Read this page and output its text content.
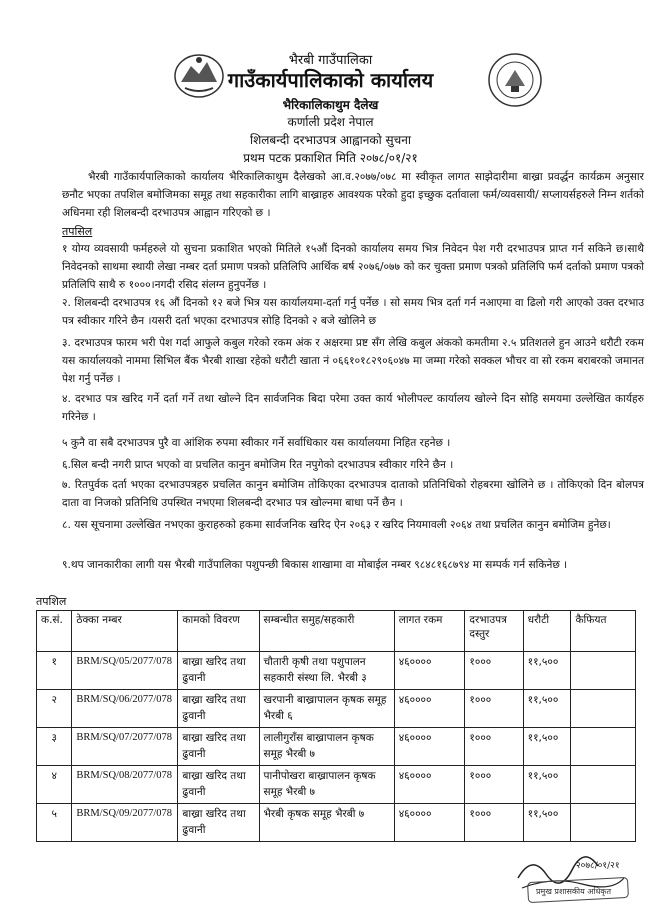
भैरबी गाउँपालिका
गाउँकार्यपालिकाको कार्यालय
भैरिकालिकाथुम दैलेख
कर्णाली प्रदेश नेपाल
शिलबन्दी दरभाउपत्र आह्वानको सुचना
प्रथम पटक प्रकाशित मिति २०७८/०१/२१

भैरबी गाउँकार्यपालिकाको कार्यालय भैरिकालिकाथुम दैलेखको आ.व.२०७७/०७८ मा स्वीकृत लागत साझेदारीमा बाख्रा प्रवर्द्धन कार्यक्रम अनुसार छनौट भएका तपशिल बमोजिमका समूह तथा सहकारीका लागि बाख्राहरु आवश्यक परेको हुदा इच्छुक दर्तावाला फर्म/व्यवसायी/ सप्लायर्सहरुले निम्न शर्तको अधिनमा रही शिलबन्दी दरभाउपत्र आह्वान गरिएको छ ।

तपसिल

१ योग्य व्यवसायी फर्महरुले यो सुचना प्रकाशित भएको मितिले १५औं दिनको कार्यालय समय भित्र निवेदन पेश गरी दरभाउपत्र प्राप्त गर्न सकिने छ।साथै निवेदनको साथमा स्थायी लेखा नम्बर दर्ता प्रमाण पत्रको प्रतिलिपि आर्थिक बर्ष २०७६/०७७ को कर चुक्ता प्रमाण पत्रको प्रतिलिपि फर्म दर्ताको प्रमाण पत्रको प्रतिलिपि साथै रु १०००।नगदी रसिद संलग्न हुनुपर्नेछ ।

२. शिलबन्दी दरभाउपत्र १६ औं दिनको १२ बजे भित्र यस कार्यालयमा-दर्ता गर्नु पर्नेछ । सो समय भित्र दर्ता गर्न नआएमा वा ढिलो गरी आएको उक्त दरभाउ पत्र स्वीकार गरिने छैन ।यसरी दर्ता भएका दरभाउपत्र सोहि दिनको २ बजे खोलिने छ

३. दरभाउपत्र फारम भरी पेश गर्दा आफुले कबुल गरेको रकम अंक र अक्षरमा प्रष्ट सँग लेखि कबुल अंकको कमतीमा २.५ प्रतिशतले हुन आउने धरौटी रकम यस कार्यालयको नाममा सिभिल बैंक भैरबी शाखा रहेको धरौटी खाता नं ०६६१०१८२९०६०४७ मा जम्मा गरेको सक्कल भौचर वा सो रकम बराबरको जमानत पेश गर्नु पर्नेछ ।

४. दरभाउ पत्र खरिद गर्ने दर्ता गर्ने तथा खोल्ने दिन सार्वजनिक बिदा परेमा उक्त कार्य भोलीपल्ट कार्यालय खोल्ने दिन सोहि समयमा उल्लेखित कार्यहरु गरिनेछ ।

५ कुनै वा सबै दरभाउपत्र पुरै वा आंशिक रुपमा स्वीकार गर्ने सर्वाधिकार यस कार्यालयमा निहित रहनेछ ।

६.सिल बन्दी नगरी प्राप्त भएको वा प्रचलित कानुन बमोजिम रित नपुगेको दरभाउपत्र स्वीकार गरिने छैन ।

७. रितपुर्वक दर्ता भएका दरभाउपत्रहरु प्रचलित कानुन बमोजिम तोकिएका दरभाउपत्र दाताको प्रतिनिधिको रोहबरमा खोलिने छ । तोकिएको दिन बोलपत्र दाता वा निजको प्रतिनिधि उपस्थित नभएमा शिलबन्दी दरभाउ पत्र खोल्नमा बाधा पर्ने छैन ।

८. यस सूचनामा उल्लेखित नभएका कुराहरुको हकमा सार्वजनिक खरिद ऐन २०६३ र खरिद नियमावली २०६४ तथा प्रचलित कानुन बमोजिम हुनेछ।

९.थप जानकारीका लागी यस भैरबी गाउँपालिका पशुपन्छी बिकास शाखामा वा मोबाईल नम्बर ९८४८१६८७९४ मा सम्पर्क गर्न सकिनेछ ।

तपशिल
क.सं.	ठेक्का नम्बर	कामको विवरण	सम्बन्धीत समुह/सहकारी	लागत रकम	दरभाउपत्र दस्तुर	धरौटी	कैफियत
१	BRM/SQ/05/2077/078	बाख्रा खरिद तथा ढुवानी	चौतारी कृषी तथा पशुपालन सहकारी संस्था लि. भैरबी ३	४६००००	१०००	११,५००	
२	BRM/SQ/06/2077/078	बाख्रा खरिद तथा ढुवानी	खरपानी बाख्रापालन कृषक समूह भैरबी ६	४६००००	१०००	११,५००	
३	BRM/SQ/07/2077/078	बाख्रा खरिद तथा ढुवानी	लालीगुराँस बाख्रापालन कृषक समूह भैरबी ७	४६००००	१०००	११,५००	
४	BRM/SQ/08/2077/078	बाख्रा खरिद तथा ढुवानी	पानीपोखरा बाख्रापालन कृषक समूह भैरबी ७	४६००००	१०००	११,५००	
५	BRM/SQ/09/2077/078	बाख्रा खरिद तथा ढुवानी	भैरबी कृषक समूह भैरबी ७	४६००००	१०००	११,५००	
२०७८/०१/२१
प्रमुख प्रशासकीय अधिकृत
